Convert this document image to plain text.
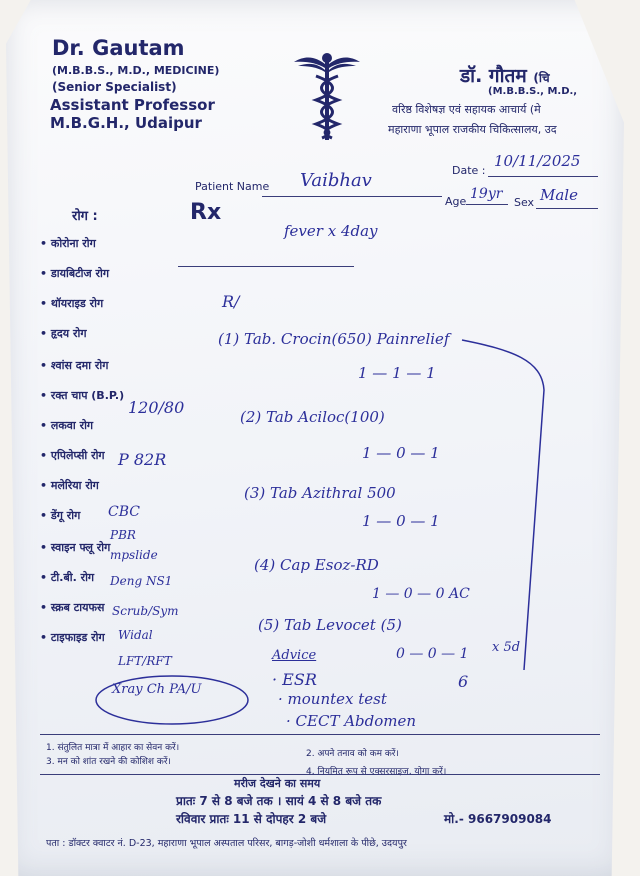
Dr. Gautam
(M.B.B.S., M.D., MEDICINE)
(Senior Specialist)
Assistant Professor
M.B.G.H., Udaipur
डॉ. गौतम (चि
(M.B.B.S., M.D.,
वरिष्ठ विशेषज्ञ एवं सहायक आचार्य (मे
महाराणा भूपाल राजकीय चिकित्सालय, उद
Date :
10/11/2025
Patient Name Vaibhav
Age 19yr
Sex Male
Rx
रोग :
• कोरोना रोग
• डायबिटीज रोग
• थॉयराइड रोग
• हृदय रोग
• श्वांस दमा रोग
• रक्त चाप (B.P.)
• लकवा रोग
• एपिलेप्सी रोग
• मलेरिया रोग
• डेंगू रोग
• स्वाइन फ्लू रोग
• टी.बी. रोग
• स्क्रब टायफस
• टाइफाइड रोग
120/80
P 82R
CBC
PBR
mpslide
Deng NS1
Scrub/Sym
Widal
LFT/RFT
Xray Ch PA/U
fever x 4day
R/
(1) Tab. Crocin(650) Painrelief
1 — 1 — 1
(2) Tab Aciloc(100)
1 — 0 — 1
(3) Tab Azithral 500
1 — 0 — 1
(4) Cap Esoz-RD
1 — 0 — 0 AC
(5) Tab Levocet (5)
0 — 0 — 1 x 5d
6
Advice
· ESR
· mountex test
· CECT Abdomen
1. संतुलित मात्रा में आहार का सेवन करें।
2. अपने तनाव को कम करें।
3. मन को शांत रखने की कोशिश करें।
4. नियमित रूप से एक्सरसाइज, योगा करें।
मरीज देखने का समय
प्रातः 7 से 8 बजे तक । सायं 4 से 8 बजे तक
रविवार प्रातः 11 से दोपहर 2 बजे	मो.- 9667909084
पता : डॉक्टर क्वाटर नं. D-23, महाराणा भूपाल अस्पताल परिसर, बागड़-जोशी धर्मशाला के पीछे, उदयपुर
